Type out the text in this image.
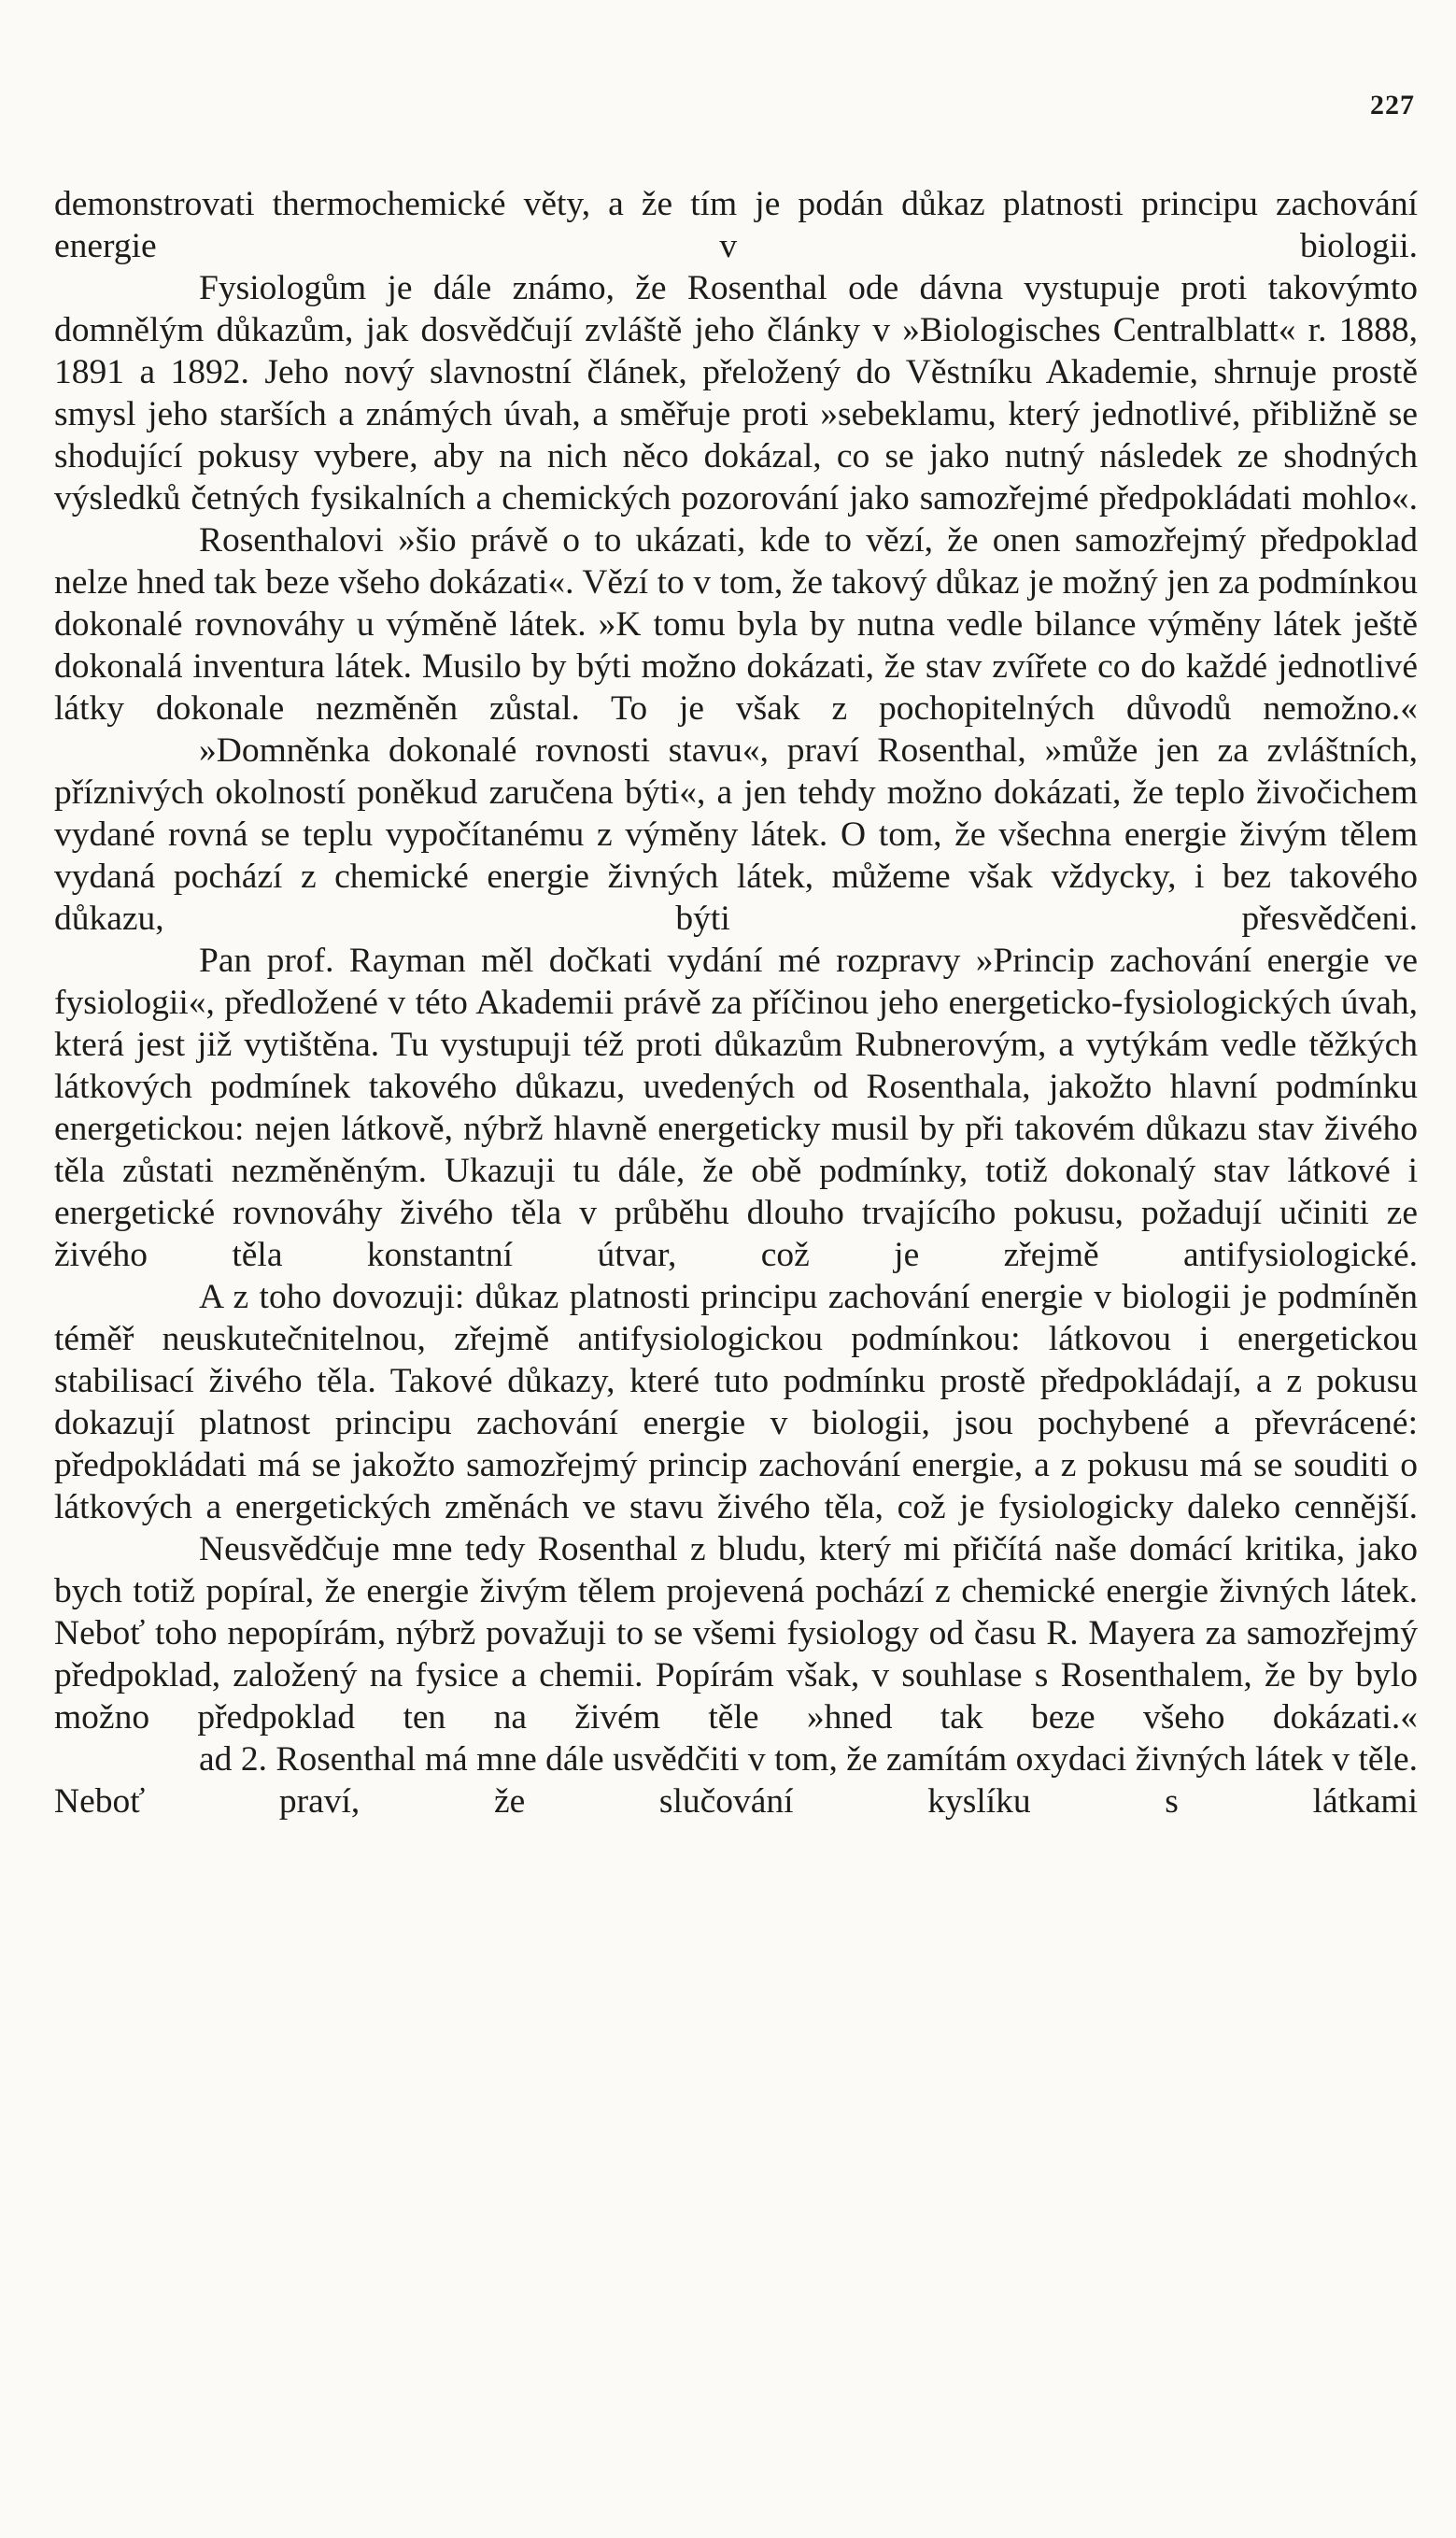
227

demonstrovati thermochemické věty, a že tím je podán důkaz platnosti principu zachování energie v biologii.

Fysiologům je dále známo, že Rosenthal ode dávna vystupuje proti takovýmto domnělým důkazům, jak dosvědčují zvláště jeho články v »Biologisches Centralblatt« r. 1888, 1891 a 1892. Jeho nový slavnostní článek, přeložený do Věstníku Akademie, shrnuje prostě smysl jeho starších a známých úvah, a směřuje proti »sebeklamu, který jednotlivé, přibližně se shodující pokusy vybere, aby na nich něco dokázal, co se jako nutný následek ze shodných výsledků četných fysikalních a chemických pozorování jako samozřejmé předpokládati mohlo«.

Rosenthalovi »šio právě o to ukázati, kde to vězí, že onen samozřejmý předpoklad nelze hned tak beze všeho dokázati«. Vězí to v tom, že takový důkaz je možný jen za podmínkou dokonalé rovnováhy u výměně látek. »K tomu byla by nutna vedle bilance výměny látek ještě dokonalá inventura látek. Musilo by býti možno dokázati, že stav zvířete co do každé jednotlivé látky dokonale nezměněn zůstal. To je však z pochopitelných důvodů nemožno.«

»Domněnka dokonalé rovnosti stavu«, praví Rosenthal, »může jen za zvláštních, příznivých okolností poněkud zaručena býti«, a jen tehdy možno dokázati, že teplo živočichem vydané rovná se teplu vypočítanému z výměny látek. O tom, že všechna energie živým tělem vydaná pochází z chemické energie živných látek, můžeme však vždycky, i bez takového důkazu, býti přesvědčeni.

Pan prof. Rayman měl dočkati vydání mé rozpravy »Princip zachování energie ve fysiologii«, předložené v této Akademii právě za příčinou jeho energeticko-fysiologických úvah, která jest již vytištěna. Tu vystupuji též proti důkazům Rubnerovým, a vytýkám vedle těžkých látkových podmínek takového důkazu, uvedených od Rosenthala, jakožto hlavní podmínku energetickou: nejen látkově, nýbrž hlavně energeticky musil by při takovém důkazu stav živého těla zůstati nezměněným. Ukazuji tu dále, že obě podmínky, totiž dokonalý stav látkové i energetické rovnováhy živého těla v průběhu dlouho trvajícího pokusu, požadují učiniti ze živého těla konstantní útvar, což je zřejmě antifysiologické.

A z toho dovozuji: důkaz platnosti principu zachování energie v biologii je podmíněn téměř neuskutečnitelnou, zřejmě antifysiologickou podmínkou: látkovou i energetickou stabilisací živého těla. Takové důkazy, které tuto podmínku prostě předpokládají, a z pokusu dokazují platnost principu zachování energie v biologii, jsou pochybené a převrácené: předpokládati má se jakožto samozřejmý princip zachování energie, a z pokusu má se souditi o látkových a energetických změnách ve stavu živého těla, což je fysiologicky daleko cennější.

Neusvědčuje mne tedy Rosenthal z bludu, který mi přičítá naše domácí kritika, jako bych totiž popíral, že energie živým tělem projevená pochází z chemické energie živných látek. Neboť toho nepopírám, nýbrž považuji to se všemi fysiology od času R. Mayera za samozřejmý předpoklad, založený na fysice a chemii. Popírám však, v souhlase s Rosenthalem, že by bylo možno předpoklad ten na živém těle »hned tak beze všeho dokázati.«

ad 2. Rosenthal má mne dále usvědčiti v tom, že zamítám oxydaci živných látek v těle. Neboť praví, že slučování kyslíku s látkami
